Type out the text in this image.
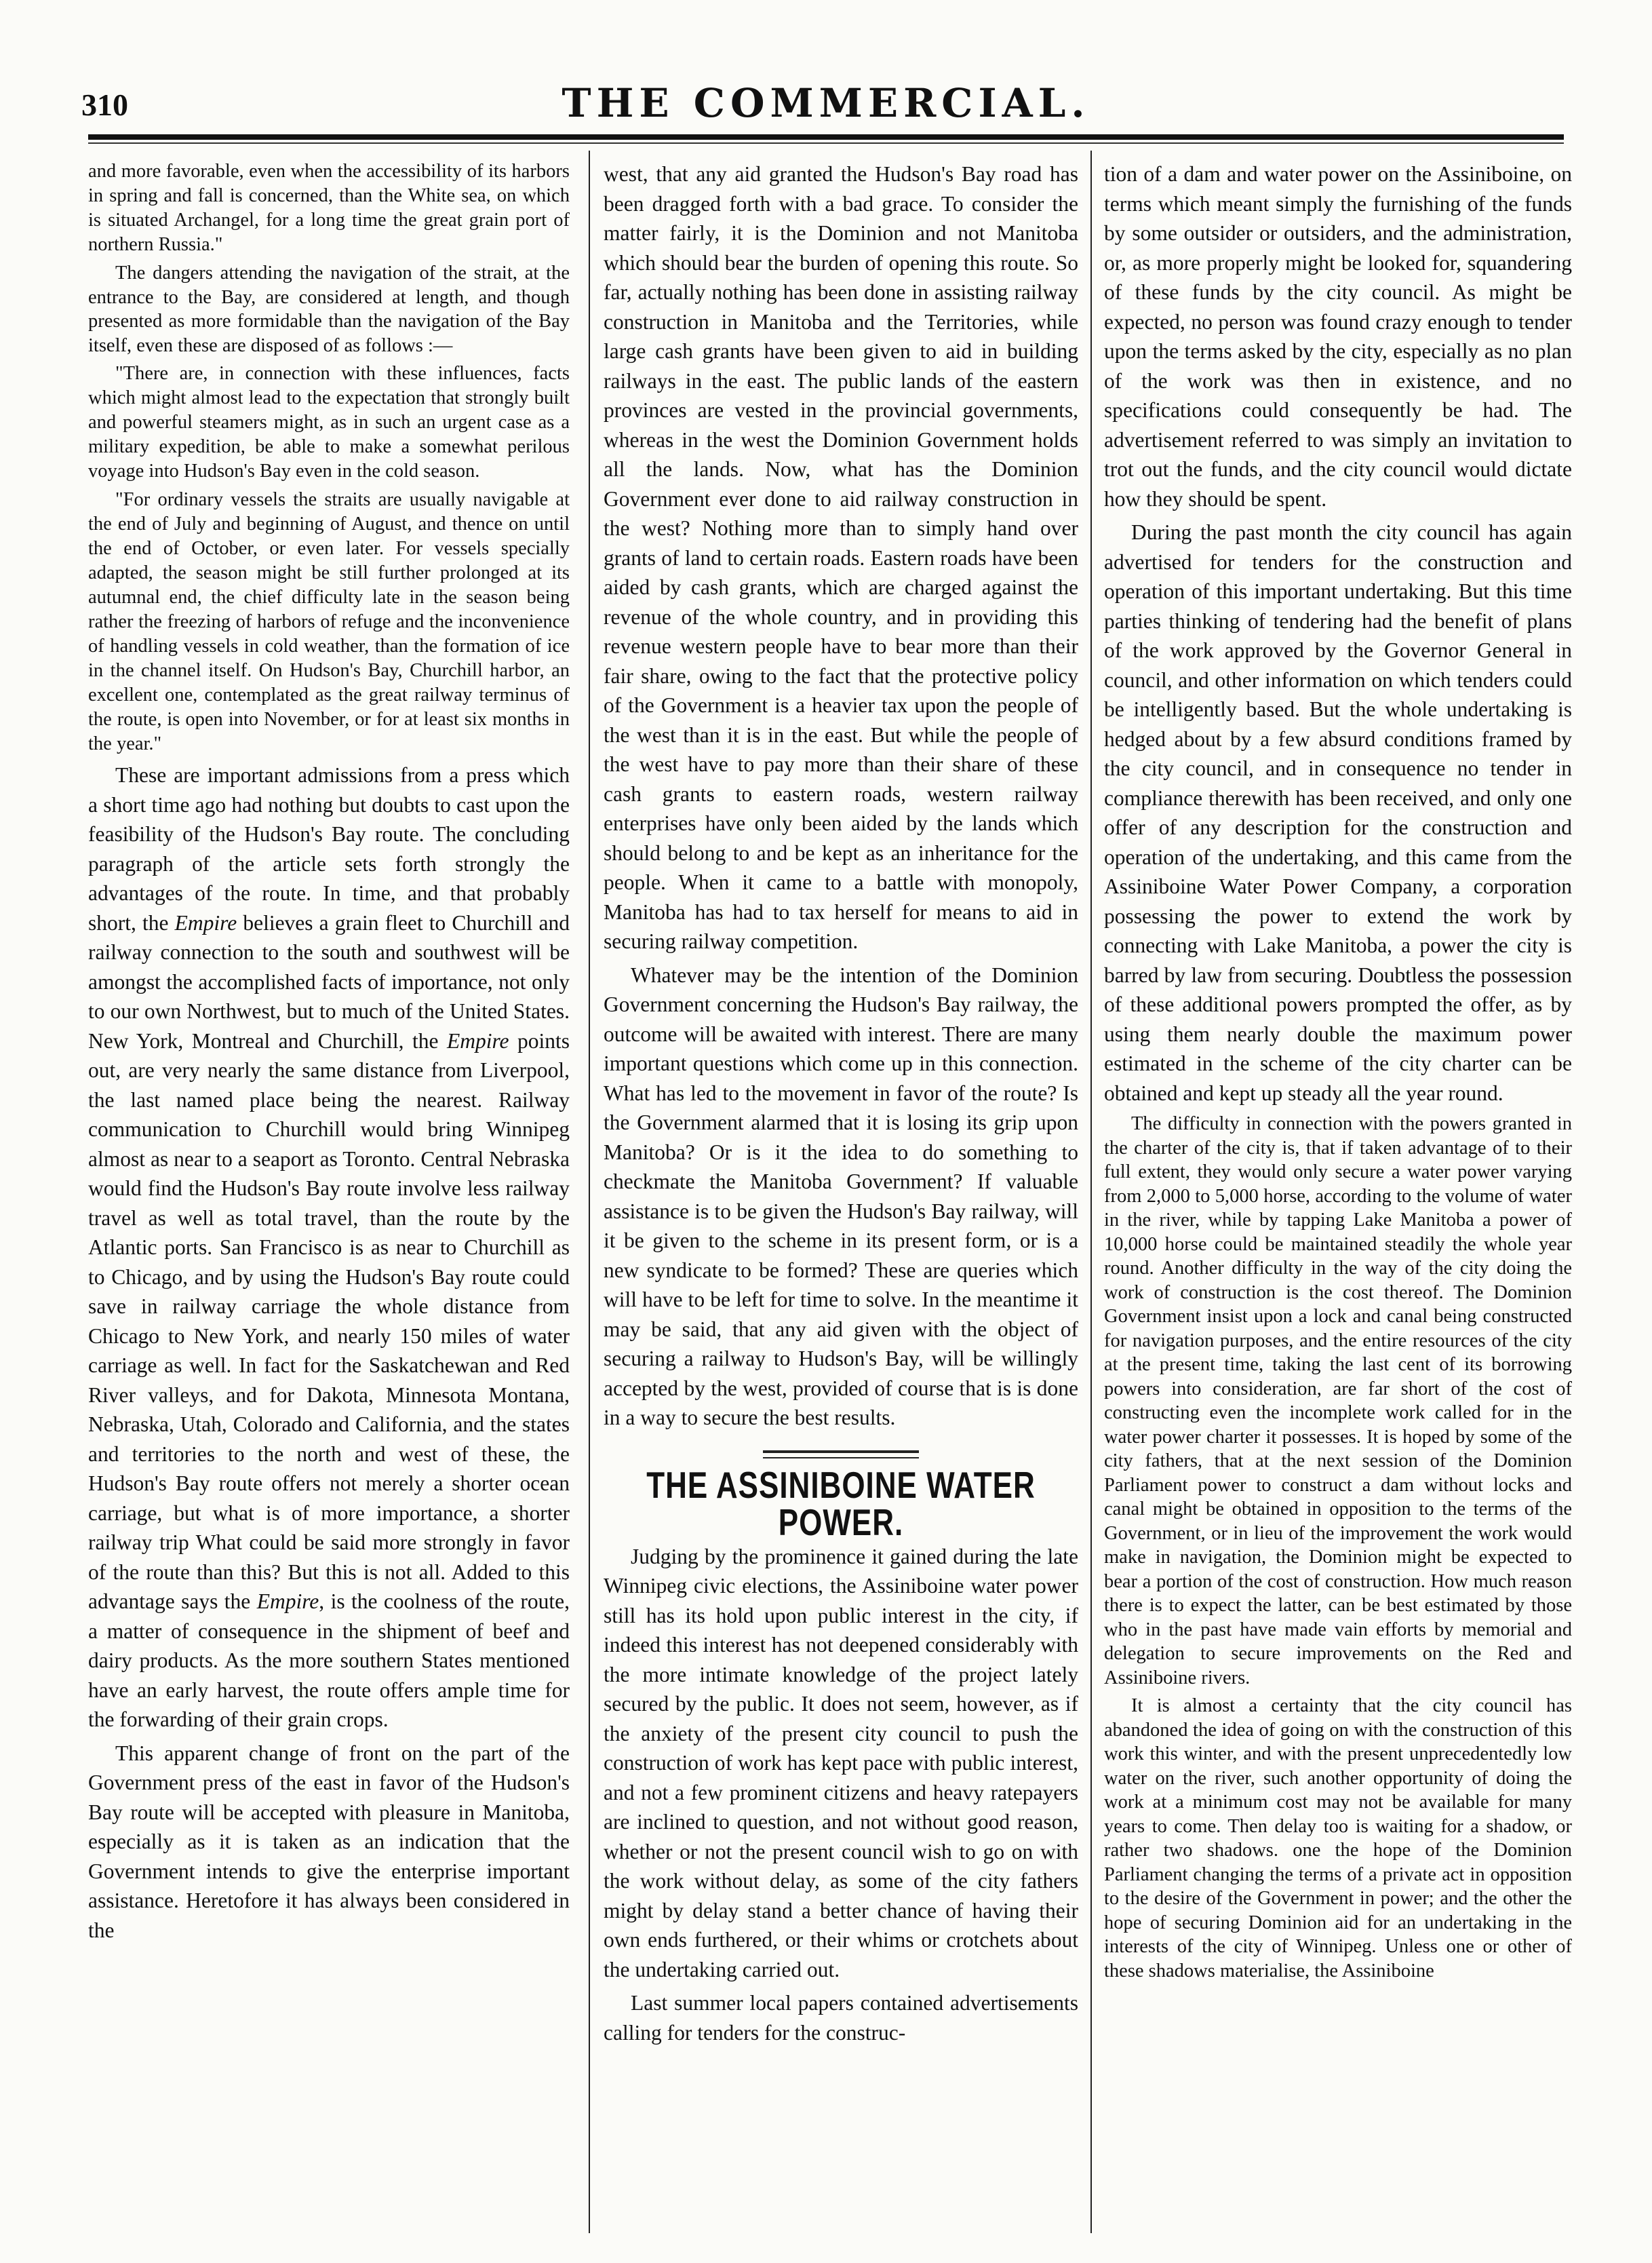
310	THE COMMERCIAL.

and more favorable, even when the accessibility of its harbors in spring and fall is concerned, than the White sea, on which is situated Archangel, for a long time the great grain port of northern Russia."

The dangers attending the navigation of the strait, at the entrance to the Bay, are considered at length, and though presented as more formidable than the navigation of the Bay itself, even these are disposed of as follows :—

"There are, in connection with these influences, facts which might almost lead to the expectation that strongly built and powerful steamers might, as in such an urgent case as a military expedition, be able to make a somewhat perilous voyage into Hudson's Bay even in the cold season.

"For ordinary vessels the straits are usually navigable at the end of July and beginning of August, and thence on until the end of October, or even later. For vessels specially adapted, the season might be still further prolonged at its autumnal end, the chief difficulty late in the season being rather the freezing of harbors of refuge and the inconvenience of handling vessels in cold weather, than the formation of ice in the channel itself. On Hudson's Bay, Churchill harbor, an excellent one, contemplated as the great railway terminus of the route, is open into November, or for at least six months in the year."

These are important admissions from a press which a short time ago had nothing but doubts to cast upon the feasibility of the Hudson's Bay route. The concluding paragraph of the article sets forth strongly the advantages of the route. In time, and that probably short, the Empire believes a grain fleet to Churchill and railway connection to the south and southwest will be amongst the accomplished facts of importance, not only to our own Northwest, but to much of the United States. New York, Montreal and Churchill, the Empire points out, are very nearly the same distance from Liverpool, the last named place being the nearest. Railway communication to Churchill would bring Winnipeg almost as near to a seaport as Toronto. Central Nebraska would find the Hudson's Bay route involve less railway travel as well as total travel, than the route by the Atlantic ports. San Francisco is as near to Churchill as to Chicago, and by using the Hudson's Bay route could save in railway carriage the whole distance from Chicago to New York, and nearly 150 miles of water carriage as well. In fact for the Saskatchewan and Red River valleys, and for Dakota, Minnesota Montana, Nebraska, Utah, Colorado and California, and the states and territories to the north and west of these, the Hudson's Bay route offers not merely a shorter ocean carriage, but what is of more importance, a shorter railway trip What could be said more strongly in favor of the route than this? But this is not all. Added to this advantage says the Empire, is the coolness of the route, a matter of consequence in the shipment of beef and dairy products. As the more southern States mentioned have an early harvest, the route offers ample time for the forwarding of their grain crops.

This apparent change of front on the part of the Government press of the east in favor of the Hudson's Bay route will be accepted with pleasure in Manitoba, especially as it is taken as an indication that the Government intends to give the enterprise important assistance. Heretofore it has always been considered in the

west, that any aid granted the Hudson's Bay road has been dragged forth with a bad grace. To consider the matter fairly, it is the Dominion and not Manitoba which should bear the burden of opening this route. So far, actually nothing has been done in assisting railway construction in Manitoba and the Territories, while large cash grants have been given to aid in building railways in the east. The public lands of the eastern provinces are vested in the provincial governments, whereas in the west the Dominion Government holds all the lands. Now, what has the Dominion Government ever done to aid railway construction in the west? Nothing more than to simply hand over grants of land to certain roads. Eastern roads have been aided by cash grants, which are charged against the revenue of the whole country, and in providing this revenue western people have to bear more than their fair share, owing to the fact that the protective policy of the Government is a heavier tax upon the people of the west than it is in the east. But while the people of the west have to pay more than their share of these cash grants to eastern roads, western railway enterprises have only been aided by the lands which should belong to and be kept as an inheritance for the people. When it came to a battle with monopoly, Manitoba has had to tax herself for means to aid in securing railway competition.

Whatever may be the intention of the Dominion Government concerning the Hudson's Bay railway, the outcome will be awaited with interest. There are many important questions which come up in this connection. What has led to the movement in favor of the route? Is the Government alarmed that it is losing its grip upon Manitoba? Or is it the idea to do something to checkmate the Manitoba Government? If valuable assistance is to be given the Hudson's Bay railway, will it be given to the scheme in its present form, or is a new syndicate to be formed? These are queries which will have to be left for time to solve. In the meantime it may be said, that any aid given with the object of securing a railway to Hudson's Bay, will be willingly accepted by the west, provided of course that is is done in a way to secure the best results.

THE ASSINIBOINE WATER POWER.

Judging by the prominence it gained during the late Winnipeg civic elections, the Assiniboine water power still has its hold upon public interest in the city, if indeed this interest has not deepened considerably with the more intimate knowledge of the project lately secured by the public. It does not seem, however, as if the anxiety of the present city council to push the construction of work has kept pace with public interest, and not a few prominent citizens and heavy ratepayers are inclined to question, and not without good reason, whether or not the present council wish to go on with the work without delay, as some of the city fathers might by delay stand a better chance of having their own ends furthered, or their whims or crotchets about the undertaking carried out.

Last summer local papers contained advertisements calling for tenders for the construc-

tion of a dam and water power on the Assiniboine, on terms which meant simply the furnishing of the funds by some outsider or outsiders, and the administration, or, as more properly might be looked for, squandering of these funds by the city council. As might be expected, no person was found crazy enough to tender upon the terms asked by the city, especially as no plan of the work was then in existence, and no specifications could consequently be had. The advertisement referred to was simply an invitation to trot out the funds, and the city council would dictate how they should be spent.

During the past month the city council has again advertised for tenders for the construction and operation of this important undertaking. But this time parties thinking of tendering had the benefit of plans of the work approved by the Governor General in council, and other information on which tenders could be intelligently based. But the whole undertaking is hedged about by a few absurd conditions framed by the city council, and in consequence no tender in compliance therewith has been received, and only one offer of any description for the construction and operation of the undertaking, and this came from the Assiniboine Water Power Company, a corporation possessing the power to extend the work by connecting with Lake Manitoba, a power the city is barred by law from securing. Doubtless the possession of these additional powers prompted the offer, as by using them nearly double the maximum power estimated in the scheme of the city charter can be obtained and kept up steady all the year round.

The difficulty in connection with the powers granted in the charter of the city is, that if taken advantage of to their full extent, they would only secure a water power varying from 2,000 to 5,000 horse, according to the volume of water in the river, while by tapping Lake Manitoba a power of 10,000 horse could be maintained steadily the whole year round. Another difficulty in the way of the city doing the work of construction is the cost thereof. The Dominion Government insist upon a lock and canal being constructed for navigation purposes, and the entire resources of the city at the present time, taking the last cent of its borrowing powers into consideration, are far short of the cost of constructing even the incomplete work called for in the water power charter it possesses. It is hoped by some of the city fathers, that at the next session of the Dominion Parliament power to construct a dam without locks and canal might be obtained in opposition to the terms of the Government, or in lieu of the improvement the work would make in navigation, the Dominion might be expected to bear a portion of the cost of construction. How much reason there is to expect the latter, can be best estimated by those who in the past have made vain efforts by memorial and delegation to secure improvements on the Red and Assiniboine rivers.

It is almost a certainty that the city council has abandoned the idea of going on with the construction of this work this winter, and with the present unprecedentedly low water on the river, such another opportunity of doing the work at a minimum cost may not be available for many years to come. Then delay too is waiting for a shadow, or rather two shadows. one the hope of the Dominion Parliament changing the terms of a private act in opposition to the desire of the Government in power; and the other the hope of securing Dominion aid for an undertaking in the interests of the city of Winnipeg. Unless one or other of these shadows materialise, the Assiniboine
